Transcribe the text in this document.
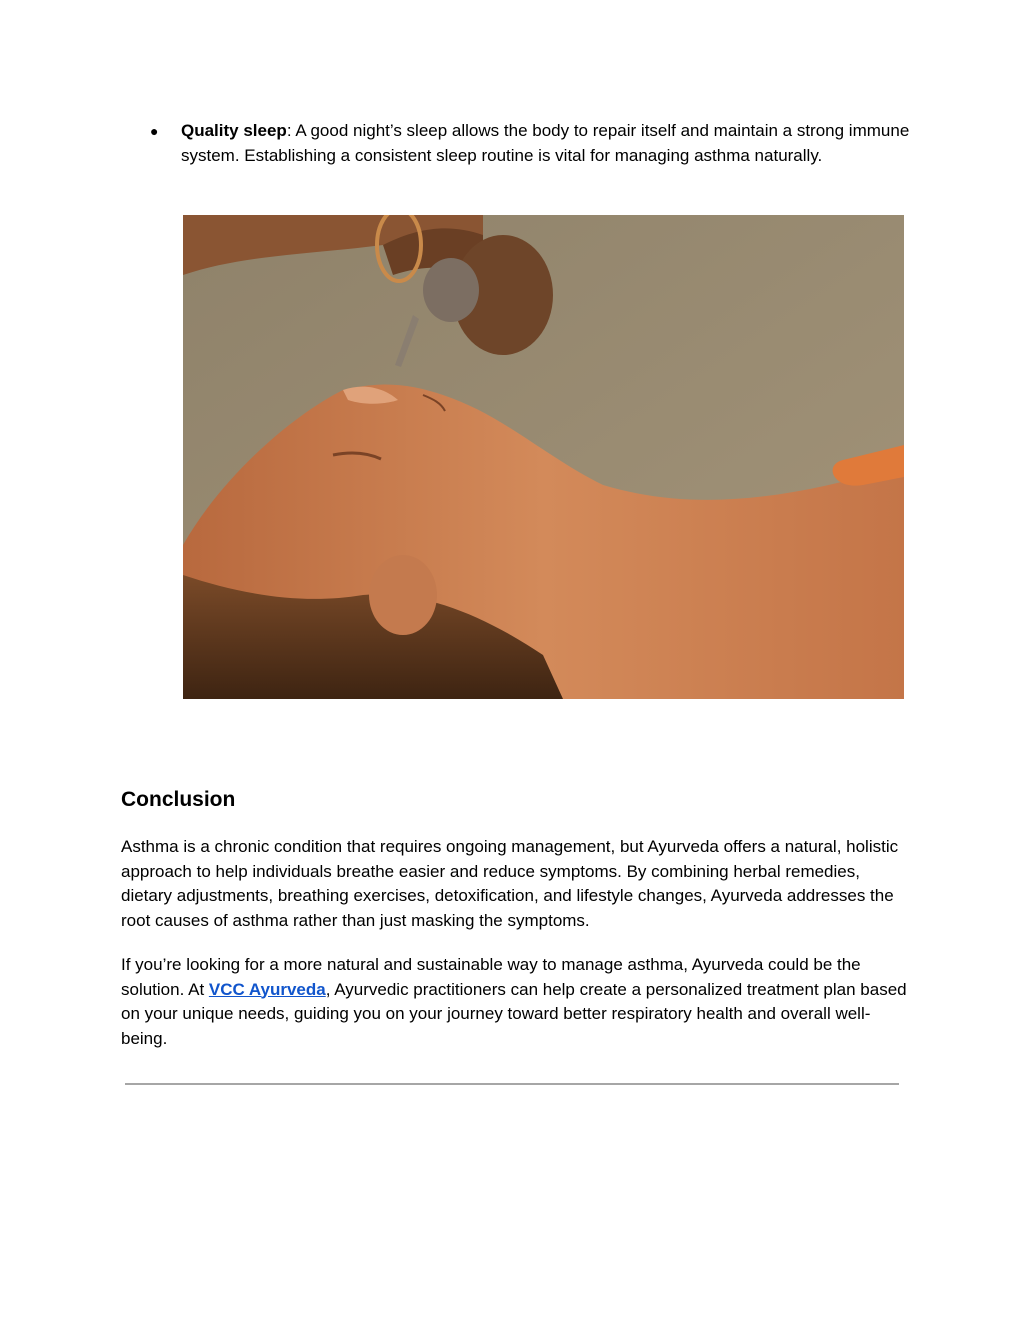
● Quality sleep: A good night’s sleep allows the body to repair itself and maintain a strong immune system. Establishing a consistent sleep routine is vital for managing asthma naturally.
Conclusion

Asthma is a chronic condition that requires ongoing management, but Ayurveda offers a natural, holistic approach to help individuals breathe easier and reduce symptoms. By combining herbal remedies, dietary adjustments, breathing exercises, detoxification, and lifestyle changes, Ayurveda addresses the root causes of asthma rather than just masking the symptoms.

If you’re looking for a more natural and sustainable way to manage asthma, Ayurveda could be the solution. At VCC Ayurveda, Ayurvedic practitioners can help create a personalized treatment plan based on your unique needs, guiding you on your journey toward better respiratory health and overall well-being.
